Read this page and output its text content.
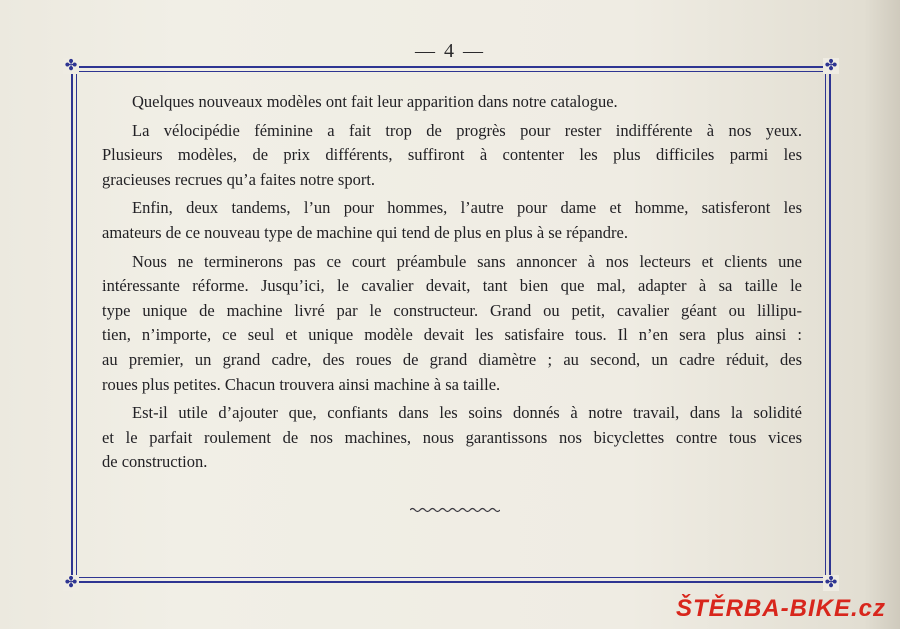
— 4 —
✤	✤
✤	✤
Quelques nouveaux modèles ont fait leur apparition dans notre catalogue.
La vélocipédie féminine a fait trop de progrès pour rester indifférente à nos yeux.
Plusieurs modèles, de prix différents, suffiront à contenter les plus difficiles parmi les
gracieuses recrues qu’a faites notre sport.
Enfin, deux tandems, l’un pour hommes, l’autre pour dame et homme, satisferont les
amateurs de ce nouveau type de machine qui tend de plus en plus à se répandre.
Nous ne terminerons pas ce court préambule sans annoncer à nos lecteurs et clients une
intéressante réforme. Jusqu’ici, le cavalier devait, tant bien que mal, adapter à sa taille le
type unique de machine livré par le constructeur. Grand ou petit, cavalier géant ou lillipu-
tien, n’importe, ce seul et unique modèle devait les satisfaire tous. Il n’en sera plus ainsi :
au premier, un grand cadre, des roues de grand diamètre ; au second, un cadre réduit, des
roues plus petites. Chacun trouvera ainsi machine à sa taille.
Est-il utile d’ajouter que, confiants dans les soins donnés à notre travail, dans la solidité
et le parfait roulement de nos machines, nous garantissons nos bicyclettes contre tous vices
de construction.
ŠTĚRBA-BIKE.cz
